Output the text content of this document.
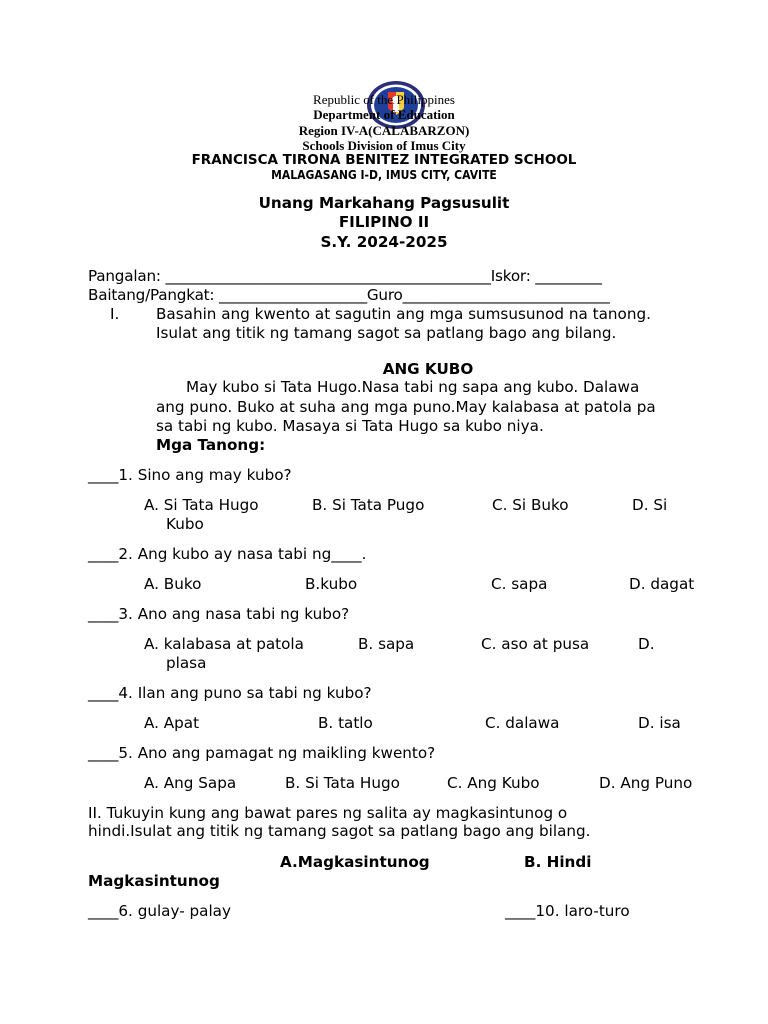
Republic of the Philippines
Department of Education
Region IV-A(CALABARZON)
Schools Division of Imus City
FRANCISCA TIRONA BENITEZ INTEGRATED SCHOOL
MALAGASANG I-D, IMUS CITY, CAVITE
Unang Markahang Pagsusulit
FILIPINO II
S.Y. 2024-2025
Pangalan: ____________________________________________Iskor: _________
Baitang/Pangkat: ____________________Guro____________________________
I. Basahin ang kwento at sagutin ang mga sumsusunod na tanong.
Isulat ang titik ng tamang sagot sa patlang bago ang bilang.
ANG KUBO
May kubo si Tata Hugo.Nasa tabi ng sapa ang kubo. Dalawa
ang puno. Buko at suha ang mga puno.May kalabasa at patola pa
sa tabi ng kubo. Masaya si Tata Hugo sa kubo niya.
Mga Tanong:
____1. Sino ang may kubo?
A. Si Tata Hugo	B. Si Tata Pugo	C. Si Buko	D. Si
Kubo
____2. Ang kubo ay nasa tabi ng____.
A. Buko	B.kubo	C. sapa	D. dagat
____3. Ano ang nasa tabi ng kubo?
A. kalabasa at patola	B. sapa	C. aso at pusa	D.
plasa
____4. Ilan ang puno sa tabi ng kubo?
A. Apat	B. tatlo	C. dalawa	D. isa
____5. Ano ang pamagat ng maikling kwento?
A. Ang Sapa	B. Si Tata Hugo	C. Ang Kubo	D. Ang Puno
II. Tukuyin kung ang bawat pares ng salita ay magkasintunog o
hindi.Isulat ang titik ng tamang sagot sa patlang bago ang bilang.
A.Magkasintunog	B. Hindi
Magkasintunog
____6. gulay- palay	____10. laro-turo
